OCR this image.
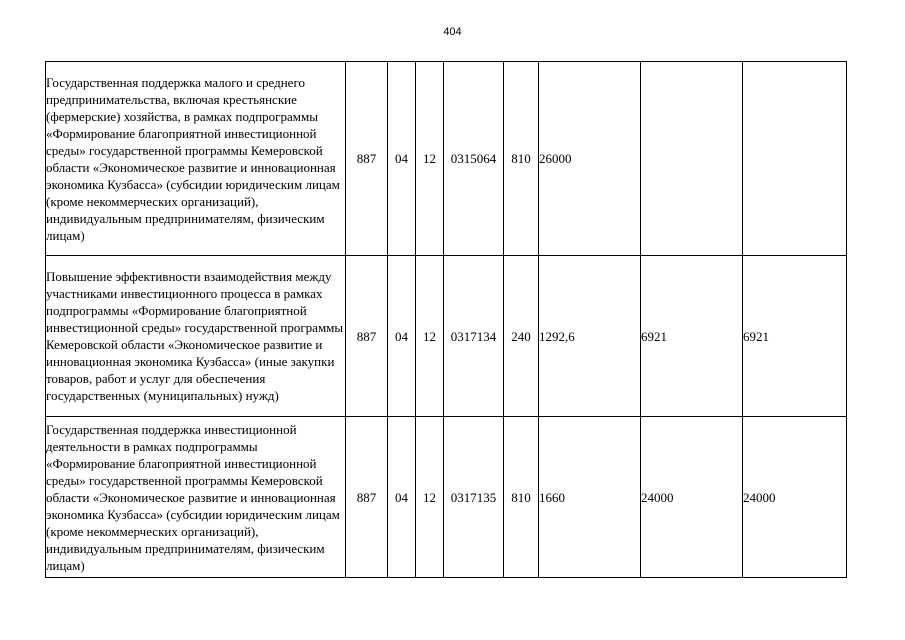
404
Государственная поддержка малого и среднего предпринимательства, включая крестьянские (фермерские) хозяйства, в рамках подпрограммы «Формирование благоприятной инвестиционной среды» государственной программы Кемеровской области «Экономическое развитие и инновационная экономика Кузбасса» (субсидии юридическим лицам (кроме некоммерческих организаций), индивидуальным предпринимателям, физическим лицам)	887	04	12	0315064	810	26000		
Повышение эффективности взаимодействия между участниками инвестиционного процесса в рамках подпрограммы «Формирование благоприятной инвестиционной среды» государственной программы Кемеровской области «Экономическое развитие и инновационная экономика Кузбасса» (иные закупки товаров, работ и услуг для обеспечения государственных (муниципальных) нужд)	887	04	12	0317134	240	1292,6	6921	6921
Государственная поддержка инвестиционной деятельности в рамках подпрограммы «Формирование благоприятной инвестиционной среды» государственной программы Кемеровской области «Экономическое развитие и инновационная экономика Кузбасса» (субсидии юридическим лицам (кроме некоммерческих организаций), индивидуальным предпринимателям, физическим лицам)	887	04	12	0317135	810	1660	24000	24000
